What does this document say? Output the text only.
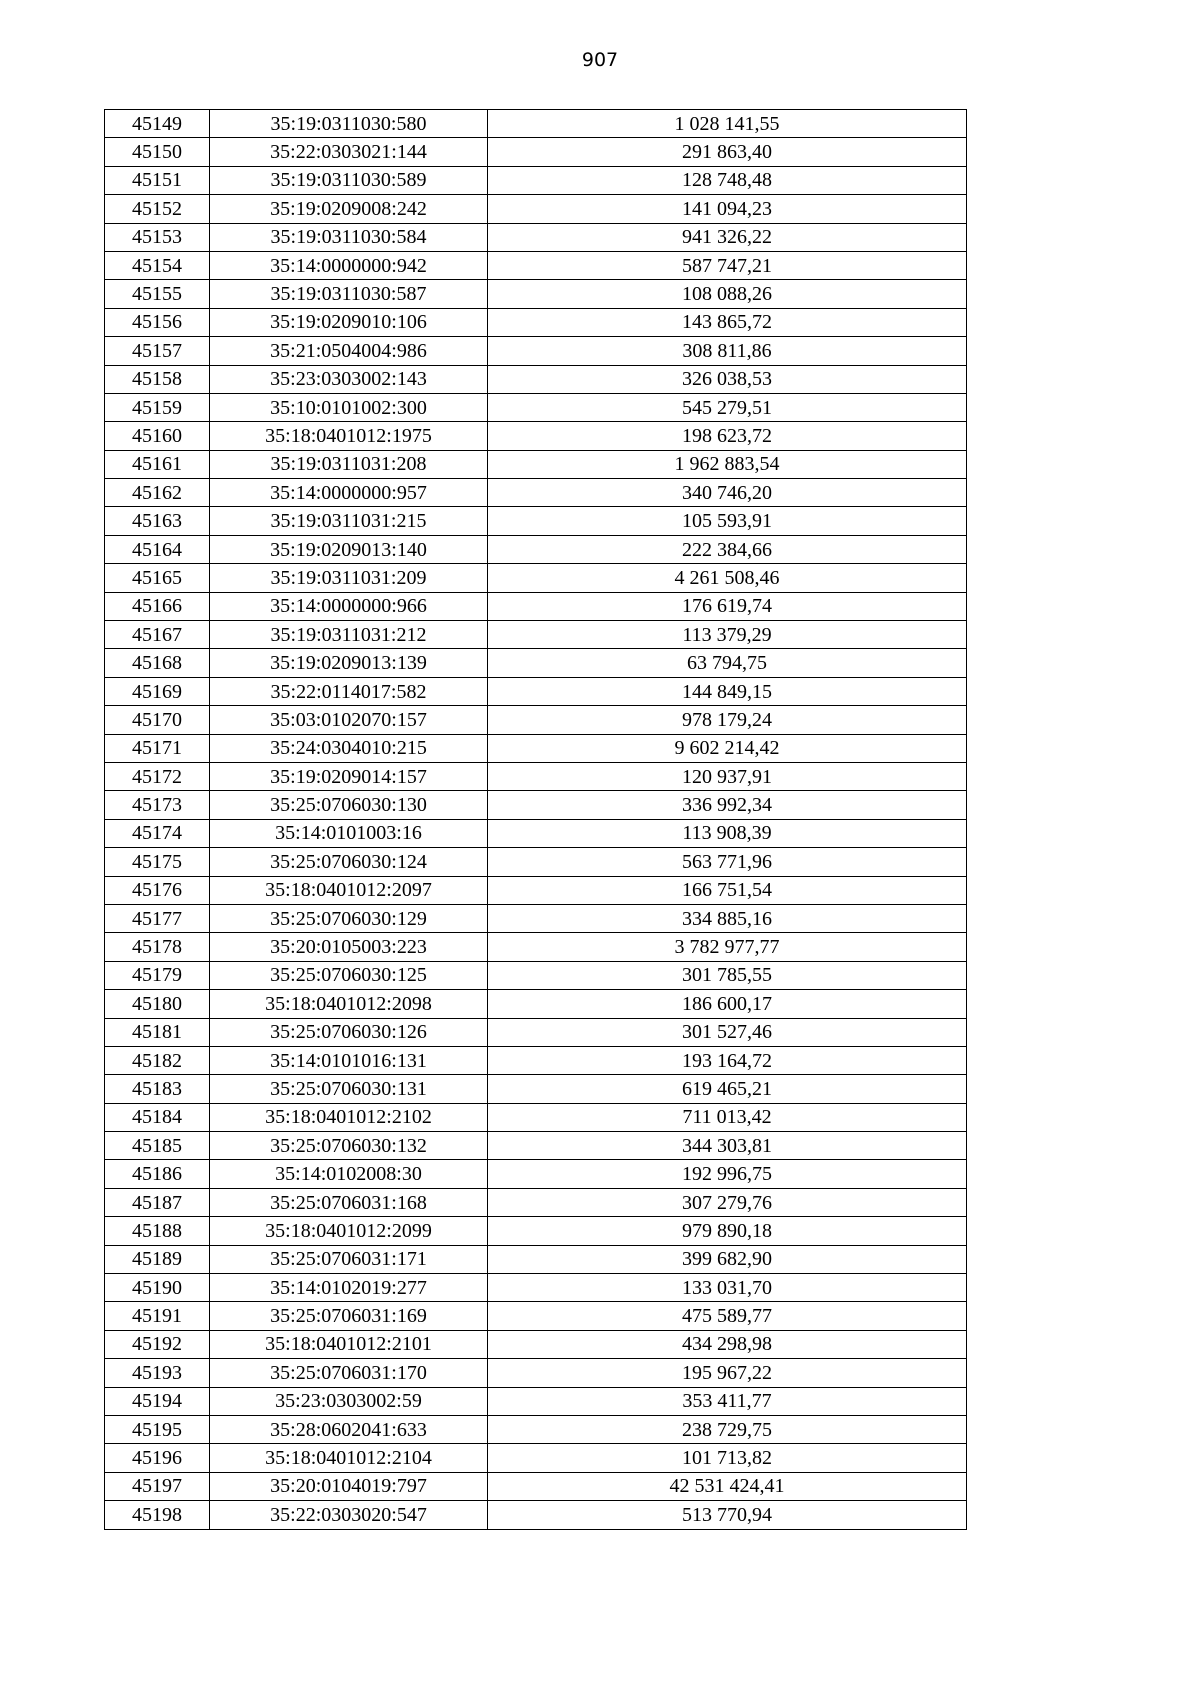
907
45149	35:19:0311030:580	1 028 141,55
45150	35:22:0303021:144	291 863,40
45151	35:19:0311030:589	128 748,48
45152	35:19:0209008:242	141 094,23
45153	35:19:0311030:584	941 326,22
45154	35:14:0000000:942	587 747,21
45155	35:19:0311030:587	108 088,26
45156	35:19:0209010:106	143 865,72
45157	35:21:0504004:986	308 811,86
45158	35:23:0303002:143	326 038,53
45159	35:10:0101002:300	545 279,51
45160	35:18:0401012:1975	198 623,72
45161	35:19:0311031:208	1 962 883,54
45162	35:14:0000000:957	340 746,20
45163	35:19:0311031:215	105 593,91
45164	35:19:0209013:140	222 384,66
45165	35:19:0311031:209	4 261 508,46
45166	35:14:0000000:966	176 619,74
45167	35:19:0311031:212	113 379,29
45168	35:19:0209013:139	63 794,75
45169	35:22:0114017:582	144 849,15
45170	35:03:0102070:157	978 179,24
45171	35:24:0304010:215	9 602 214,42
45172	35:19:0209014:157	120 937,91
45173	35:25:0706030:130	336 992,34
45174	35:14:0101003:16	113 908,39
45175	35:25:0706030:124	563 771,96
45176	35:18:0401012:2097	166 751,54
45177	35:25:0706030:129	334 885,16
45178	35:20:0105003:223	3 782 977,77
45179	35:25:0706030:125	301 785,55
45180	35:18:0401012:2098	186 600,17
45181	35:25:0706030:126	301 527,46
45182	35:14:0101016:131	193 164,72
45183	35:25:0706030:131	619 465,21
45184	35:18:0401012:2102	711 013,42
45185	35:25:0706030:132	344 303,81
45186	35:14:0102008:30	192 996,75
45187	35:25:0706031:168	307 279,76
45188	35:18:0401012:2099	979 890,18
45189	35:25:0706031:171	399 682,90
45190	35:14:0102019:277	133 031,70
45191	35:25:0706031:169	475 589,77
45192	35:18:0401012:2101	434 298,98
45193	35:25:0706031:170	195 967,22
45194	35:23:0303002:59	353 411,77
45195	35:28:0602041:633	238 729,75
45196	35:18:0401012:2104	101 713,82
45197	35:20:0104019:797	42 531 424,41
45198	35:22:0303020:547	513 770,94
